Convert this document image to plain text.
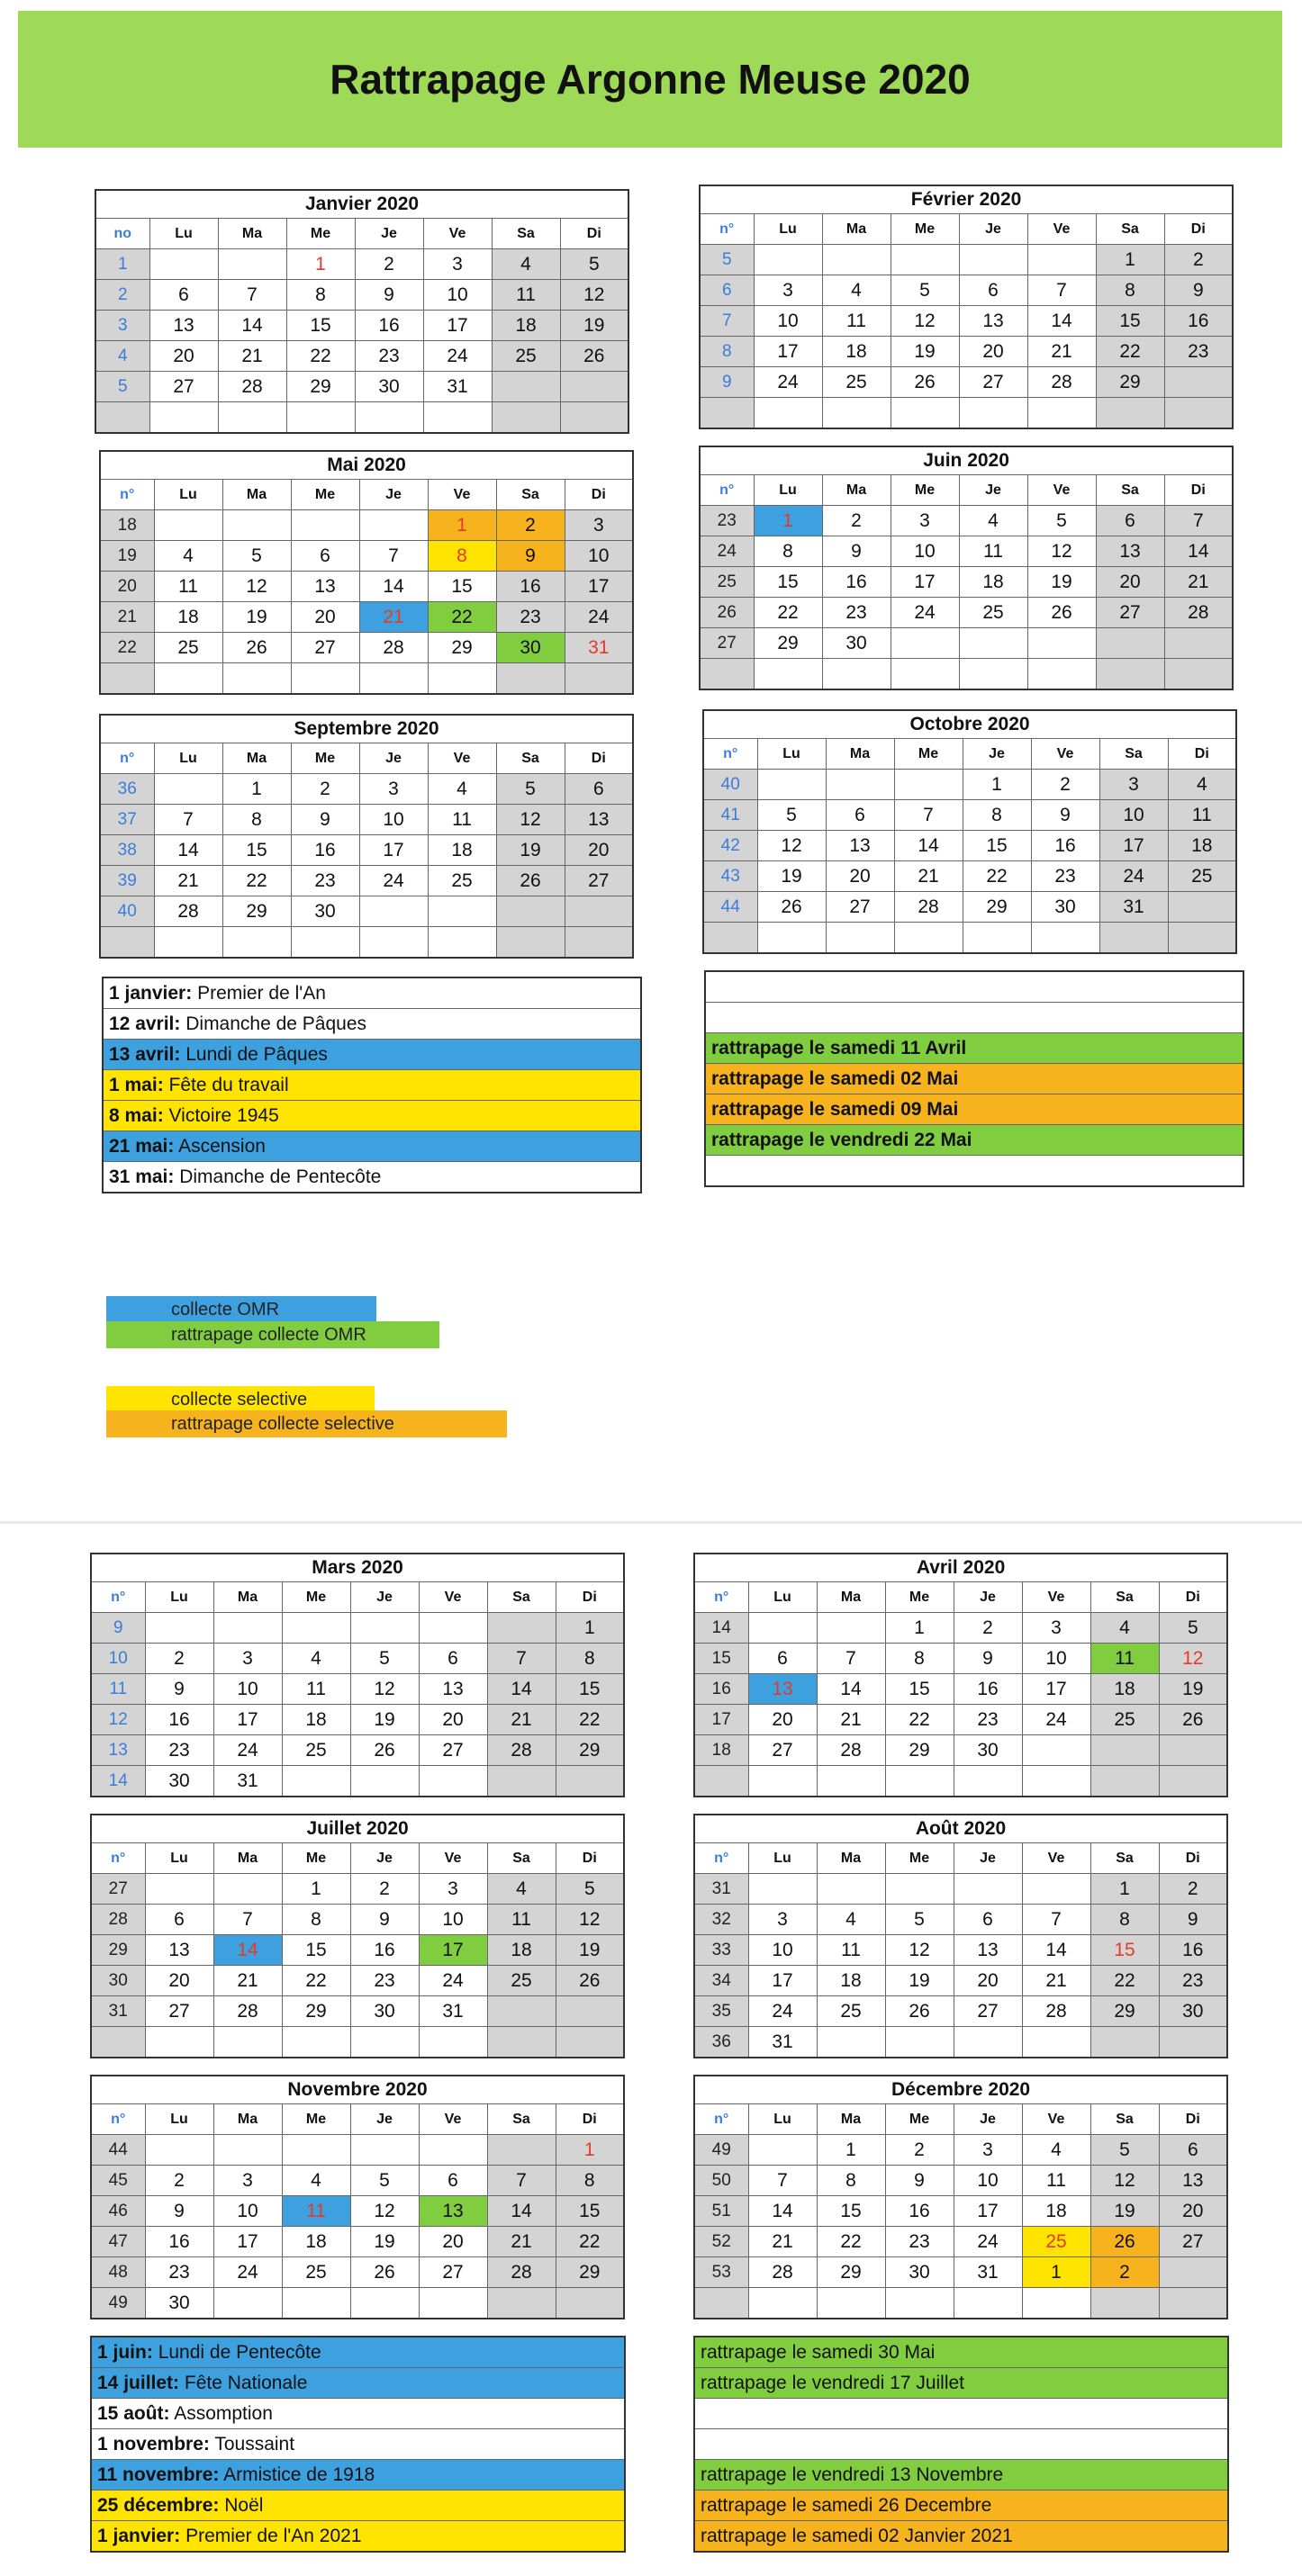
Rattrapage Argonne Meuse 2020
Janvier 2020							
no	Lu	Ma	Me	Je	Ve	Sa	Di
1			1	2	3	4	5
2	6	7	8	9	10	11	12
3	13	14	15	16	17	18	19
4	20	21	22	23	24	25	26
5	27	28	29	30	31		

Février 2020							
n°	Lu	Ma	Me	Je	Ve	Sa	Di
5						1	2
6	3	4	5	6	7	8	9
7	10	11	12	13	14	15	16
8	17	18	19	20	21	22	23
9	24	25	26	27	28	29	

Mai 2020							
n°	Lu	Ma	Me	Je	Ve	Sa	Di
18					1	2	3
19	4	5	6	7	8	9	10
20	11	12	13	14	15	16	17
21	18	19	20	21	22	23	24
22	25	26	27	28	29	30	31

Juin 2020							
n°	Lu	Ma	Me	Je	Ve	Sa	Di
23	1	2	3	4	5	6	7
24	8	9	10	11	12	13	14
25	15	16	17	18	19	20	21
26	22	23	24	25	26	27	28
27	29	30					

Septembre 2020							
n°	Lu	Ma	Me	Je	Ve	Sa	Di
36		1	2	3	4	5	6
37	7	8	9	10	11	12	13
38	14	15	16	17	18	19	20
39	21	22	23	24	25	26	27
40	28	29	30				

Octobre 2020							
n°	Lu	Ma	Me	Je	Ve	Sa	Di
40				1	2	3	4
41	5	6	7	8	9	10	11
42	12	13	14	15	16	17	18
43	19	20	21	22	23	24	25
44	26	27	28	29	30	31	

1 janvier: Premier de l'An
12 avril: Dimanche de Pâques
13 avril: Lundi de Pâques
1 mai: Fête du travail
8 mai: Victoire 1945
21 mai: Ascension
31 mai: Dimanche de Pentecôte

rattrapage le samedi 11 Avril
rattrapage le samedi 02 Mai
rattrapage le samedi 09 Mai
rattrapage le vendredi 22 Mai

Mars 2020							
n°	Lu	Ma	Me	Je	Ve	Sa	Di
9							1
10	2	3	4	5	6	7	8
11	9	10	11	12	13	14	15
12	16	17	18	19	20	21	22
13	23	24	25	26	27	28	29
14	30	31					
Avril 2020							
n°	Lu	Ma	Me	Je	Ve	Sa	Di
14			1	2	3	4	5
15	6	7	8	9	10	11	12
16	13	14	15	16	17	18	19
17	20	21	22	23	24	25	26
18	27	28	29	30			

Juillet 2020							
n°	Lu	Ma	Me	Je	Ve	Sa	Di
27			1	2	3	4	5
28	6	7	8	9	10	11	12
29	13	14	15	16	17	18	19
30	20	21	22	23	24	25	26
31	27	28	29	30	31		

Août 2020							
n°	Lu	Ma	Me	Je	Ve	Sa	Di
31						1	2
32	3	4	5	6	7	8	9
33	10	11	12	13	14	15	16
34	17	18	19	20	21	22	23
35	24	25	26	27	28	29	30
36	31						
Novembre 2020							
n°	Lu	Ma	Me	Je	Ve	Sa	Di
44							1
45	2	3	4	5	6	7	8
46	9	10	11	12	13	14	15
47	16	17	18	19	20	21	22
48	23	24	25	26	27	28	29
49	30						
Décembre 2020							
n°	Lu	Ma	Me	Je	Ve	Sa	Di
49		1	2	3	4	5	6
50	7	8	9	10	11	12	13
51	14	15	16	17	18	19	20
52	21	22	23	24	25	26	27
53	28	29	30	31	1	2	

1 juin: Lundi de Pentecôte
14 juillet: Fête Nationale
15 août: Assomption
1 novembre: Toussaint
11 novembre: Armistice de 1918
25 décembre: Noël
1 janvier: Premier de l'An 2021
rattrapage le samedi 30 Mai
rattrapage le vendredi 17 Juillet

rattrapage le vendredi 13 Novembre
rattrapage le samedi 26 Decembre
rattrapage le samedi 02 Janvier 2021
collecte OMR
rattrapage collecte OMR
collecte selective
rattrapage collecte selective
